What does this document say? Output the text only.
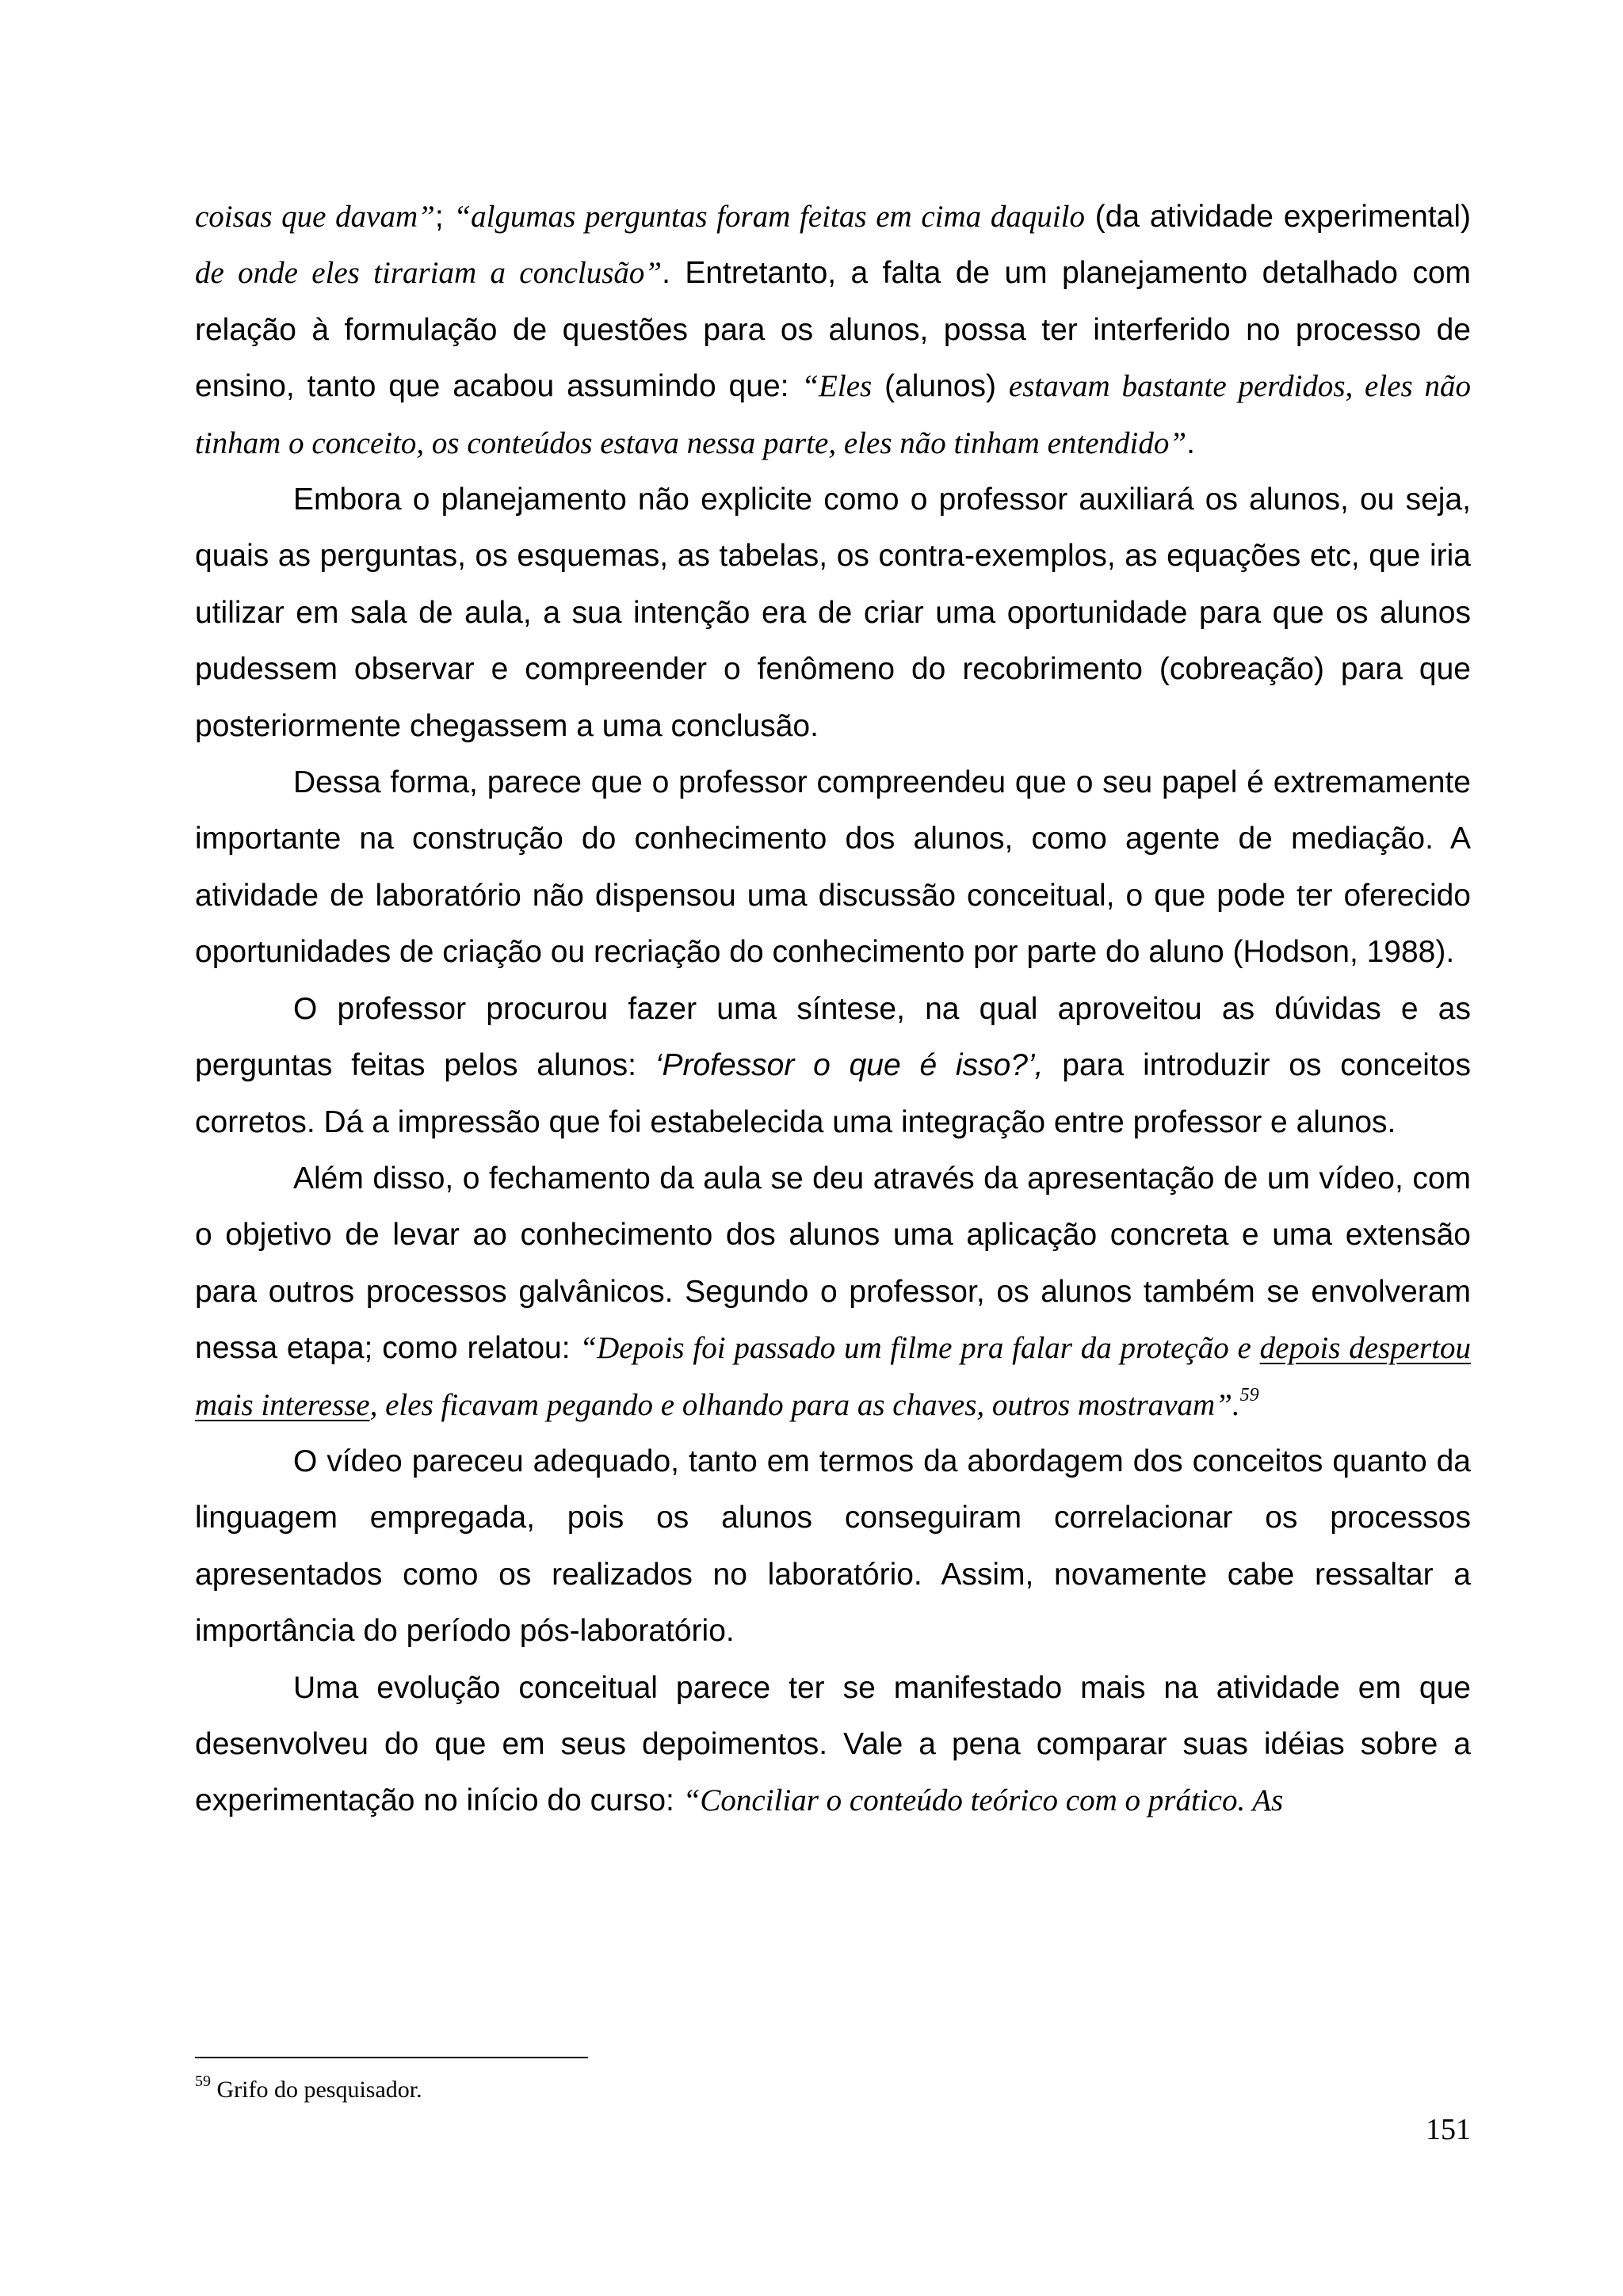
coisas que davam”; “algumas perguntas foram feitas em cima daquilo (da atividade experimental) de onde eles tirariam a conclusão”. Entretanto, a falta de um planejamento detalhado com relação à formulação de questões para os alunos, possa ter interferido no processo de ensino, tanto que acabou assumindo que: “Eles (alunos) estavam bastante perdidos, eles não tinham o conceito, os conteúdos estava nessa parte, eles não tinham entendido”.

Embora o planejamento não explicite como o professor auxiliará os alunos, ou seja, quais as perguntas, os esquemas, as tabelas, os contra-exemplos, as equações etc, que iria utilizar em sala de aula, a sua intenção era de criar uma oportunidade para que os alunos pudessem observar e compreender o fenômeno do recobrimento (cobreação) para que posteriormente chegassem a uma conclusão.

Dessa forma, parece que o professor compreendeu que o seu papel é extremamente importante na construção do conhecimento dos alunos, como agente de mediação. A atividade de laboratório não dispensou uma discussão conceitual, o que pode ter oferecido oportunidades de criação ou recriação do conhecimento por parte do aluno (Hodson, 1988).

O professor procurou fazer uma síntese, na qual aproveitou as dúvidas e as perguntas feitas pelos alunos: ‘Professor o que é isso?’, para introduzir os conceitos corretos. Dá a impressão que foi estabelecida uma integração entre professor e alunos.

Além disso, o fechamento da aula se deu através da apresentação de um vídeo, com o objetivo de levar ao conhecimento dos alunos uma aplicação concreta e uma extensão para outros processos galvânicos. Segundo o professor, os alunos também se envolveram nessa etapa; como relatou: “Depois foi passado um filme pra falar da proteção e depois despertou mais interesse, eles ficavam pegando e olhando para as chaves, outros mostravam”.$^{59}$

O vídeo pareceu adequado, tanto em termos da abordagem dos conceitos quanto da linguagem empregada, pois os alunos conseguiram correlacionar os processos apresentados como os realizados no laboratório. Assim, novamente cabe ressaltar a importância do período pós-laboratório.

Uma evolução conceitual parece ter se manifestado mais na atividade em que desenvolveu do que em seus depoimentos. Vale a pena comparar suas idéias sobre a experimentação no início do curso: “Conciliar o conteúdo teórico com o prático. As

$^{59}$ Grifo do pesquisador.
151
